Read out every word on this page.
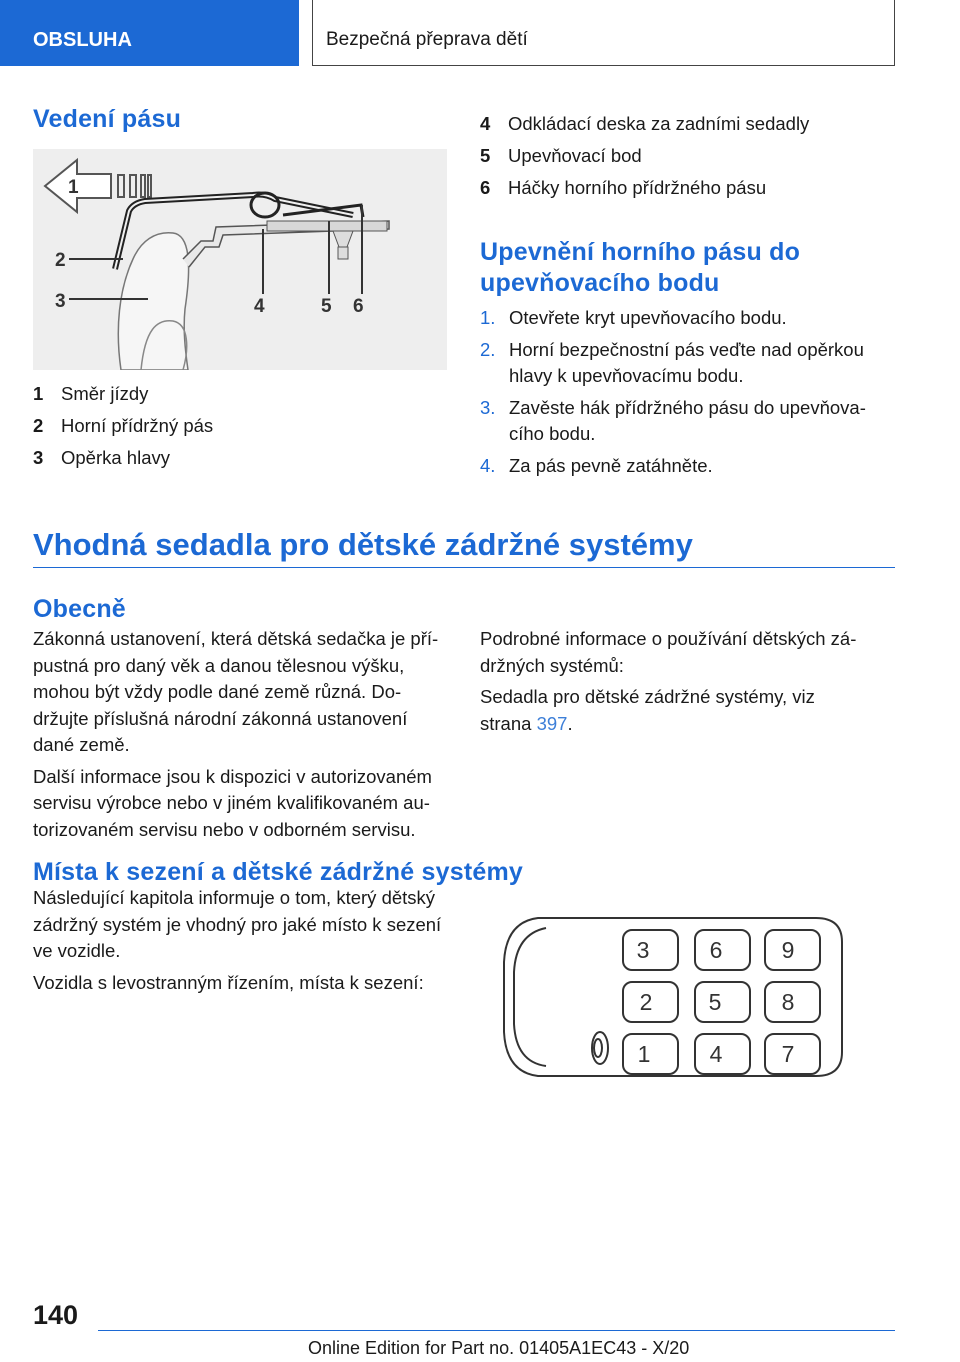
OBSLUHA	Bezpečná přeprava dětí
Vedení pásu
1
2
3	4	5 6
1 Směr jízdy
2 Horní přídržný pás
3 Opěrka hlavy
4 Odkládací deska za zadními sedadly
5 Upevňovací bod
6 Háčky horního přídržného pásu
Upevnění horního pásu do
upevňovacího bodu
1. Otevřete kryt upevňovacího bodu.
2. Horní bezpečnostní pás veďte nad opěrkou
hlavy k upevňovacímu bodu.
3. Zavěste hák přídržného pásu do upevňova‐
cího bodu.
4. Za pás pevně zatáhněte.
Vhodná sedadla pro dětské zádržné systémy
Obecně

Zákonná ustanovení, která dětská sedačka je pří‐
pustná pro daný věk a danou tělesnou výšku,
mohou být vždy podle dané země různá. Do‐
držujte příslušná národní zákonná ustanovení
dané země.

Další informace jsou k dispozici v autorizovaném
servisu výrobce nebo v jiném kvalifikovaném au‐
torizovaném servisu nebo v odborném servisu.

Podrobné informace o používání dětských zá‐
držných systémů:

Sedadla pro dětské zádržné systémy, viz
strana 397.

Místa k sezení a dětské zádržné systémy

Následující kapitola informuje o tom, který dětský
zádržný systém je vhodný pro jaké místo k sezení
ve vozidle.

Vozidla s levostranným řízením, místa k sezení:

3	6	9
2 5	8
1	4	7
140
Online Edition for Part no. 01405A1EC43 - X/20
